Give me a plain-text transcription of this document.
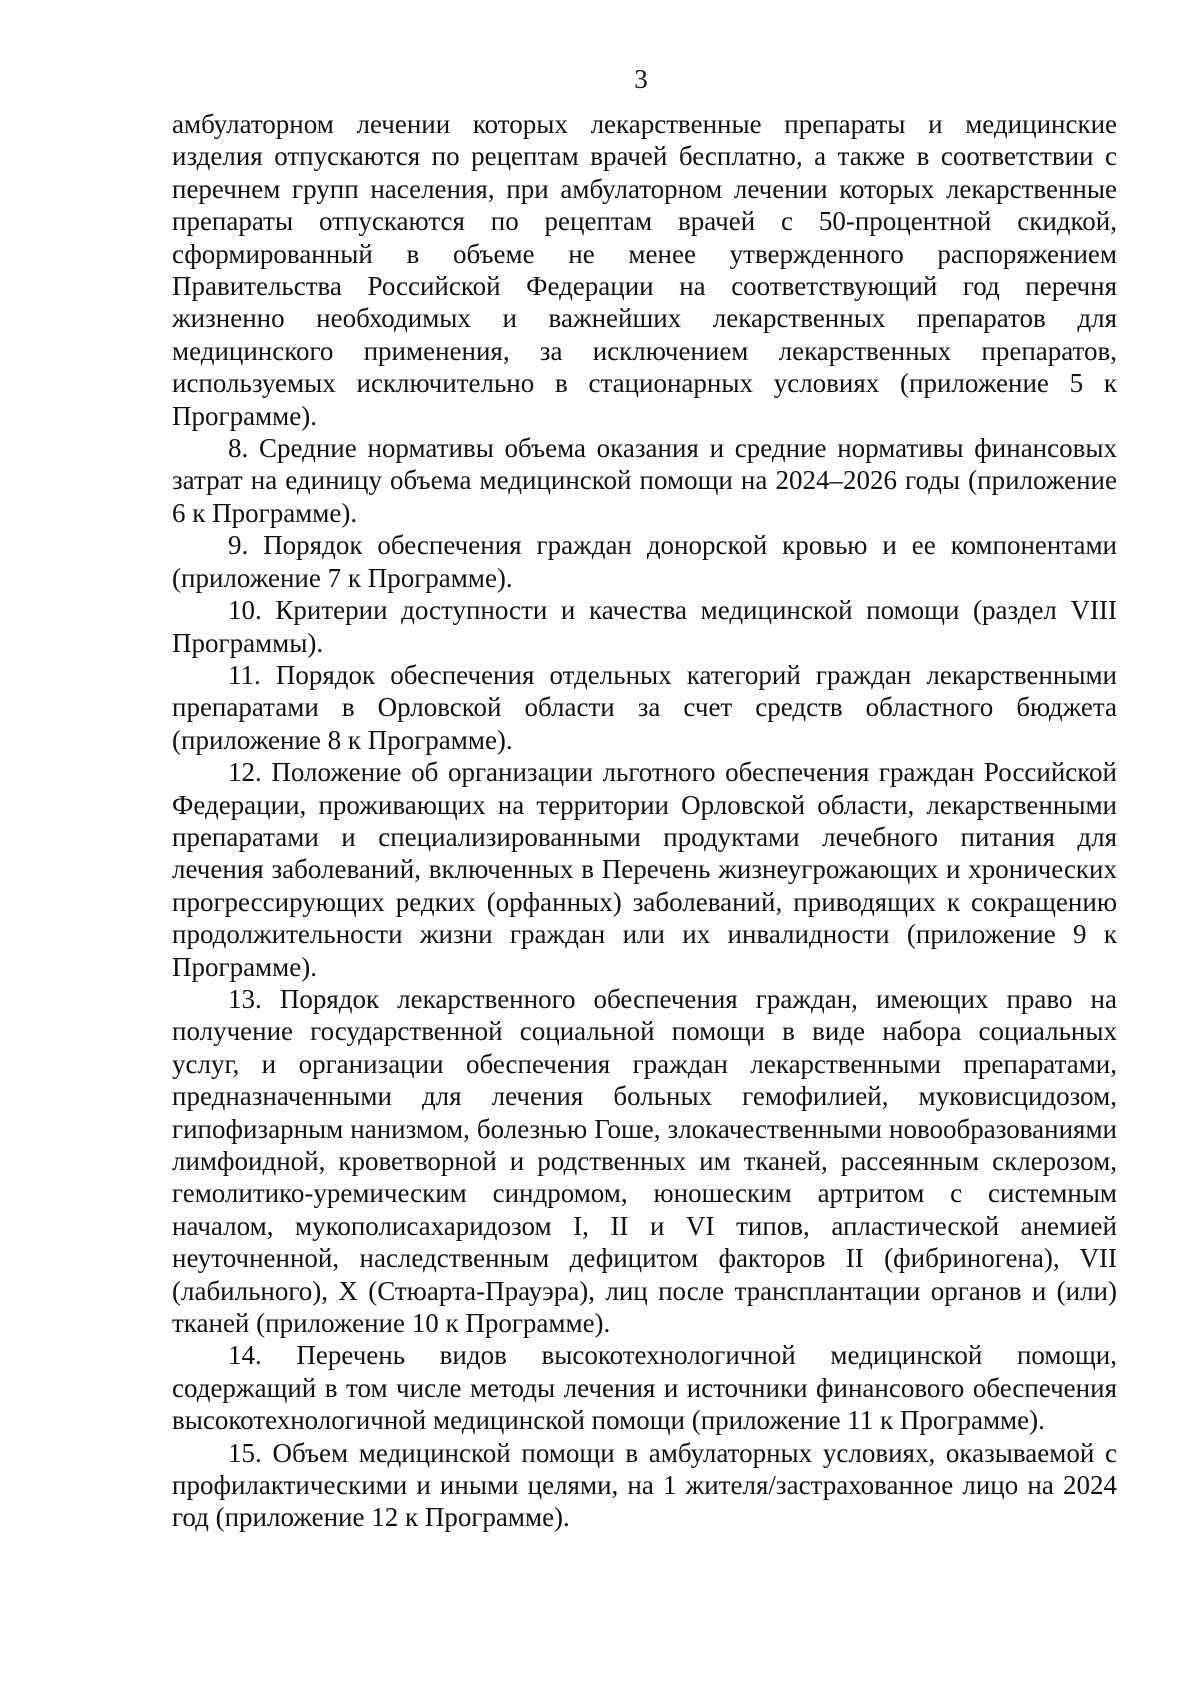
3

амбулаторном лечении которых лекарственные препараты и медицинские изделия отпускаются по рецептам врачей бесплатно, а также в соответствии с перечнем групп населения, при амбулаторном лечении которых лекарственные препараты отпускаются по рецептам врачей с 50-процентной скидкой, сформированный в объеме не менее утвержденного распоряжением Правительства Российской Федерации на соответствующий год перечня жизненно необходимых и важнейших лекарственных препаратов для медицинского применения, за исключением лекарственных препаратов, используемых исключительно в стационарных условиях (приложение 5 к Программе).

8. Средние нормативы объема оказания и средние нормативы финансовых затрат на единицу объема медицинской помощи на 2024–2026 годы (приложение 6 к Программе).

9. Порядок обеспечения граждан донорской кровью и ее компонентами (приложение 7 к Программе).

10. Критерии доступности и качества медицинской помощи (раздел VIII Программы).

11. Порядок обеспечения отдельных категорий граждан лекарственными препаратами в Орловской области за счет средств областного бюджета (приложение 8 к Программе).

12. Положение об организации льготного обеспечения граждан Российской Федерации, проживающих на территории Орловской области, лекарственными препаратами и специализированными продуктами лечебного питания для лечения заболеваний, включенных в Перечень жизнеугрожающих и хронических прогрессирующих редких (орфанных) заболеваний, приводящих к сокращению продолжительности жизни граждан или их инвалидности (приложение 9 к Программе).

13. Порядок лекарственного обеспечения граждан, имеющих право на получение государственной социальной помощи в виде набора социальных услуг, и организации обеспечения граждан лекарственными препаратами, предназначенными для лечения больных гемофилией, муковисцидозом, гипофизарным нанизмом, болезнью Гоше, злокачественными новообразованиями лимфоидной, кроветворной и родственных им тканей, рассеянным склерозом, гемолитико-уремическим синдромом, юношеским артритом с системным началом, мукополисахаридозом I, II и VI типов, апластической анемией неуточненной, наследственным дефицитом факторов II (фибриногена), VII (лабильного), X (Стюарта-Прауэра), лиц после трансплантации органов и (или) тканей (приложение 10 к Программе).

14. Перечень видов высокотехнологичной медицинской помощи, содержащий в том числе методы лечения и источники финансового обеспечения высокотехнологичной медицинской помощи (приложение 11 к Программе).

15. Объем медицинской помощи в амбулаторных условиях, оказываемой с профилактическими и иными целями, на 1 жителя/застрахованное лицо на 2024 год (приложение 12 к Программе).
